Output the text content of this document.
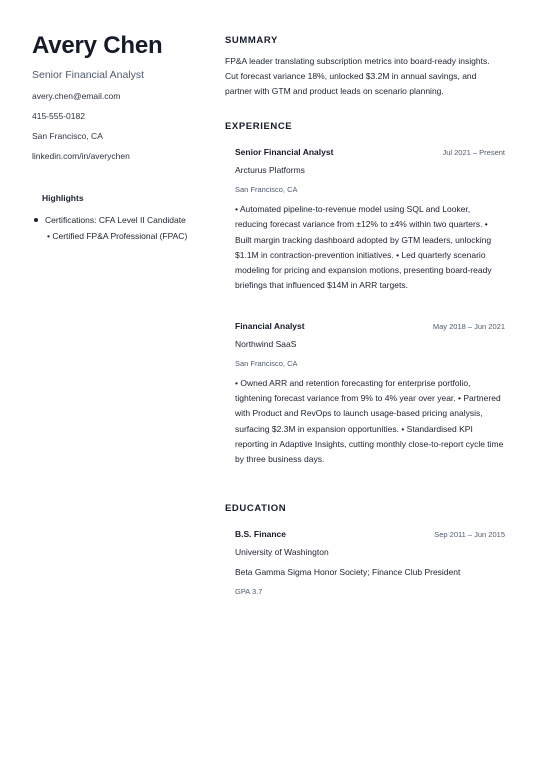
Avery Chen
Senior Financial Analyst
avery.chen@email.com
415-555-0182
San Francisco, CA
linkedin.com/in/averychen
Highlights
Certifications: CFA Level II Candidate
• Certified FP&A Professional (FPAC)
SUMMARY
FP&A leader translating subscription metrics into board-ready insights. Cut forecast variance 18%, unlocked $3.2M in annual savings, and partner with GTM and product leads on scenario planning.
EXPERIENCE
Senior Financial Analyst	Jul 2021 – Present
Arcturus Platforms
San Francisco, CA
• Automated pipeline-to-revenue model using SQL and Looker, reducing forecast variance from ±12% to ±4% within two quarters. • Built margin tracking dashboard adopted by GTM leaders, unlocking $1.1M in contraction-prevention initiatives. • Led quarterly scenario modeling for pricing and expansion motions, presenting board-ready briefings that influenced $14M in ARR targets.
Financial Analyst	May 2018 – Jun 2021
Northwind SaaS
San Francisco, CA
• Owned ARR and retention forecasting for enterprise portfolio, tightening forecast variance from 9% to 4% year over year. • Partnered with Product and RevOps to launch usage-based pricing analysis, surfacing $2.3M in expansion opportunities. • Standardised KPI reporting in Adaptive Insights, cutting monthly close-to-report cycle time by three business days.
EDUCATION
B.S. Finance	Sep 2011 – Jun 2015
University of Washington
Beta Gamma Sigma Honor Society; Finance Club President
GPA 3.7
